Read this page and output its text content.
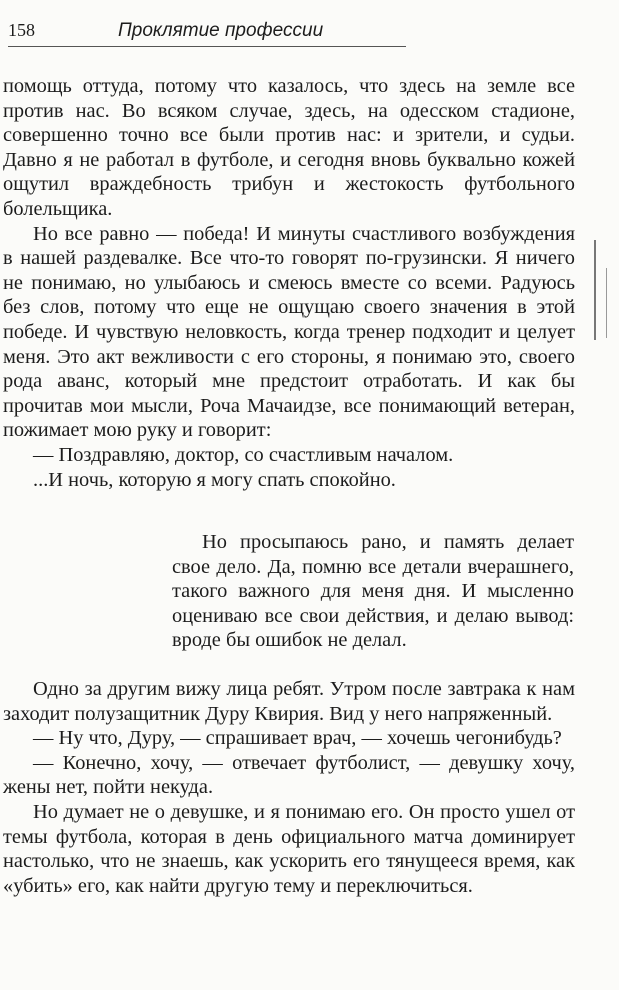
158	Проклятие профессии

помощь оттуда, потому что казалось, что здесь на земле все против нас. Во всяком случае, здесь, на одесском стадионе, совершенно точно все были против нас: и зрители, и судьи. Давно я не работал в футболе, и сегодня вновь буквально кожей ощутил враждебность трибун и жестокость футбольного болельщика.

Но все равно — победа! И минуты счастливого возбуждения в нашей раздевалке. Все что-то говорят по-грузински. Я ничего не понимаю, но улыбаюсь и смеюсь вместе со всеми. Радуюсь без слов, потому что еще не ощущаю своего значения в этой победе. И чувствую неловкость, когда тренер подходит и целует меня. Это акт вежливости с его стороны, я понимаю это, своего рода аванс, который мне предстоит отработать. И как бы прочитав мои мысли, Роча Мачаидзе, все понимающий ветеран, пожимает мою руку и говорит:

— Поздравляю, доктор, со счастливым началом.

...И ночь, которую я могу спать спокойно.

Но просыпаюсь рано, и память делает свое дело. Да, помню все детали вчерашнего, такого важного для меня дня. И мысленно оцениваю все свои действия, и делаю вывод: вроде бы ошибок не делал.

Одно за другим вижу лица ребят. Утром после завтрака к нам заходит полузащитник Дуру Квирия. Вид у него напряженный.

— Ну что, Дуру, — спрашивает врач, — хочешь чегонибудь?

— Конечно, хочу, — отвечает футболист, — девушку хочу, жены нет, пойти некуда.

Но думает не о девушке, и я понимаю его. Он просто ушел от темы футбола, которая в день официального матча доминирует настолько, что не знаешь, как ускорить его тянущееся время, как «убить» его, как найти другую тему и переключиться.
